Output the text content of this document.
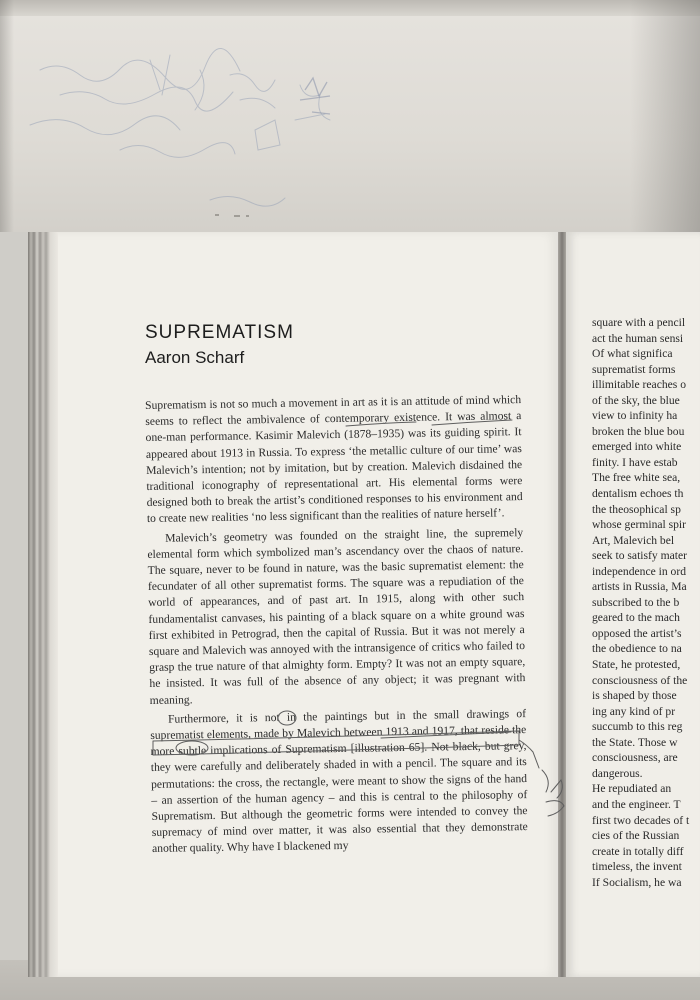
SUPREMATISM
Aaron Scharf

Suprematism is not so much a movement in art as it is an attitude of mind which seems to reflect the ambivalence of contemporary existence. It was almost a one-man performance. Kasimir Malevich (1878–1935) was its guiding spirit. It appeared about 1913 in Russia. To express ‘the metallic culture of our time’ was Malevich’s intention; not by imitation, but by creation. Malevich disdained the traditional iconography of representational art. His elemental forms were designed both to break the artist’s conditioned responses to his environment and to create new realities ‘no less significant than the realities of nature herself’.

Malevich’s geometry was founded on the straight line, the supremely elemental form which symbolized man’s ascendancy over the chaos of nature. The square, never to be found in nature, was the basic suprematist element: the fecundater of all other suprematist forms. The square was a repudiation of the world of appearances, and of past art. In 1915, along with other such fundamentalist canvases, his painting of a black square on a white ground was first exhibited in Petrograd, then the capital of Russia. But it was not merely a square and Malevich was annoyed with the intransigence of critics who failed to grasp the true nature of that almighty form. Empty? It was not an empty square, he insisted. It was full of the absence of any object; it was pregnant with meaning.

Furthermore, it is not in the paintings but in the small drawings of suprematist elements, made by Malevich between 1913 and 1917, that reside the more subtle implications of Suprematism [illustration 65]. Not black, but grey, they were carefully and deliberately shaded in with a pencil. The square and its permutations: the cross, the rectangle, were meant to show the signs of the hand – an assertion of the human agency – and this is central to the philosophy of Suprematism. But although the geometric forms were intended to convey the supremacy of mind over matter, it was also essential that they demonstrate another quality. Why have I blackened my

square with a pencil
act the human sensi
Of what significa
suprematist forms
illimitable reaches o
of the sky, the blue
view to infinity ha
broken the blue bou
emerged into white
finity. I have estab
The free white sea,
dentalism echoes th
the theosophical sp
whose germinal spir
Art, Malevich bel
seek to satisfy mater
independence in ord
artists in Russia, Ma
subscribed to the b
geared to the mach
opposed the artist’s
the obedience to na
State, he protested,
consciousness of the
is shaped by those
ing any kind of pr
succumb to this reg
the State. Those w
consciousness, are
dangerous.
He repudiated an
and the engineer. T
first two decades of t
cies of the Russian
create in totally diff
timeless, the invent
If Socialism, he wa
